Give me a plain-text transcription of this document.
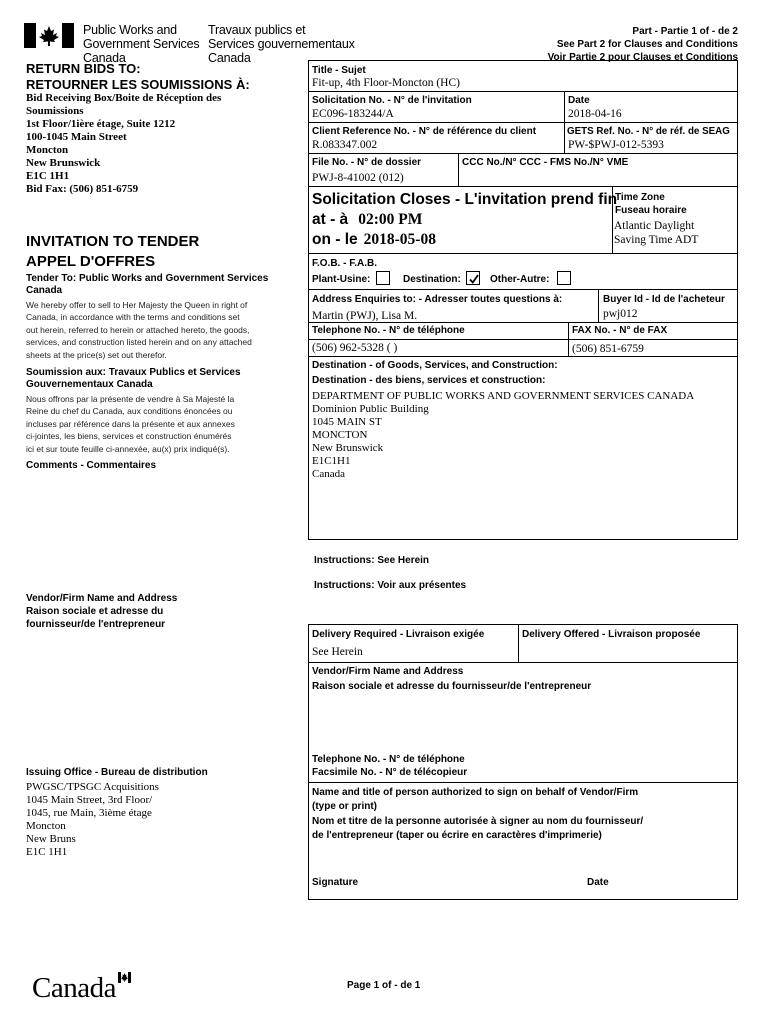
Public Works and
Government Services
Canada
Travaux publics et
Services gouvernementaux
Canada
Part - Partie 1 of - de 2
See Part 2 for Clauses and Conditions
Voir Partie 2 pour Clauses et Conditions
RETURN BIDS TO:
RETOURNER LES SOUMISSIONS À:
Bid Receiving Box/Boite de Réception des
Soumissions
1st Floor/1ière étage, Suite 1212
100-1045 Main Street
Moncton
New Brunswick
E1C 1H1
Bid Fax: (506) 851-6759
INVITATION TO TENDER
APPEL D'OFFRES
Tender To: Public Works and Government Services Canada
We hereby offer to sell to Her Majesty the Queen in right of
Canada, in accordance with the terms and conditions set
out herein, referred to herein or attached hereto, the goods,
services, and construction listed herein and on any attached
sheets at the price(s) set out therefor.
Soumission aux: Travaux Publics et Services Gouvernementaux Canada
Nous offrons par la présente de vendre à Sa Majesté la
Reine du chef du Canada, aux conditions énoncées ou
incluses par référence dans la présente et aux annexes
ci-jointes, les biens, services et construction énumérés
ici et sur toute feuille ci-annexée, au(x) prix indiqué(s).
Comments - Commentaires
Vendor/Firm Name and Address
Raison sociale et adresse du
fournisseur/de l'entrepreneur
Issuing Office - Bureau de distribution
PWGSC/TPSGC Acquisitions
1045 Main Street, 3rd Floor/
1045, rue Main, 3ième étage
Moncton
New Bruns
E1C 1H1
Title - Sujet
Fit-up, 4th Floor-Moncton (HC)
Solicitation No. - N° de l'invitation
EC096-183244/A
Date
2018-04-16
Client Reference No. - N° de référence du client
R.083347.002
GETS Ref. No. - N° de réf. de SEAG
PW-$PWJ-012-5393
File No. - N° de dossier
PWJ-8-41002 (012)
CCC No./N° CCC - FMS No./N° VME
Solicitation Closes - L'invitation prend fin
at - à 02:00 PM
on - le 2018-05-08
Time Zone
Fuseau horaire
Atlantic Daylight
Saving Time ADT
F.O.B. - F.A.B.
Plant-Usine:	Destination:	Other-Autre:
Address Enquiries to: - Adresser toutes questions à:
Martin (PWJ), Lisa M.
Buyer Id - Id de l'acheteur
pwj012
Telephone No. - N° de téléphone
(506) 962-5328 ( )
FAX No. - N° de FAX
(506) 851-6759
Destination - of Goods, Services, and Construction:
Destination - des biens, services et construction:
DEPARTMENT OF PUBLIC WORKS AND GOVERNMENT SERVICES CANADA
Dominion Public Building
1045 MAIN ST
MONCTON
New Brunswick
E1C1H1
Canada
Instructions: See Herein
Instructions: Voir aux présentes
Delivery Required - Livraison exigée
See Herein
Delivery Offered - Livraison proposée
Vendor/Firm Name and Address
Raison sociale et adresse du fournisseur/de l'entrepreneur
Telephone No. - N° de téléphone
Facsimile No. - N° de télécopieur
Name and title of person authorized to sign on behalf of Vendor/Firm
(type or print)
Nom et titre de la personne autorisée à signer au nom du fournisseur/
de l'entrepreneur (taper ou écrire en caractères d'imprimerie)
Signature	Date
Canada	Page 1 of - de 1
